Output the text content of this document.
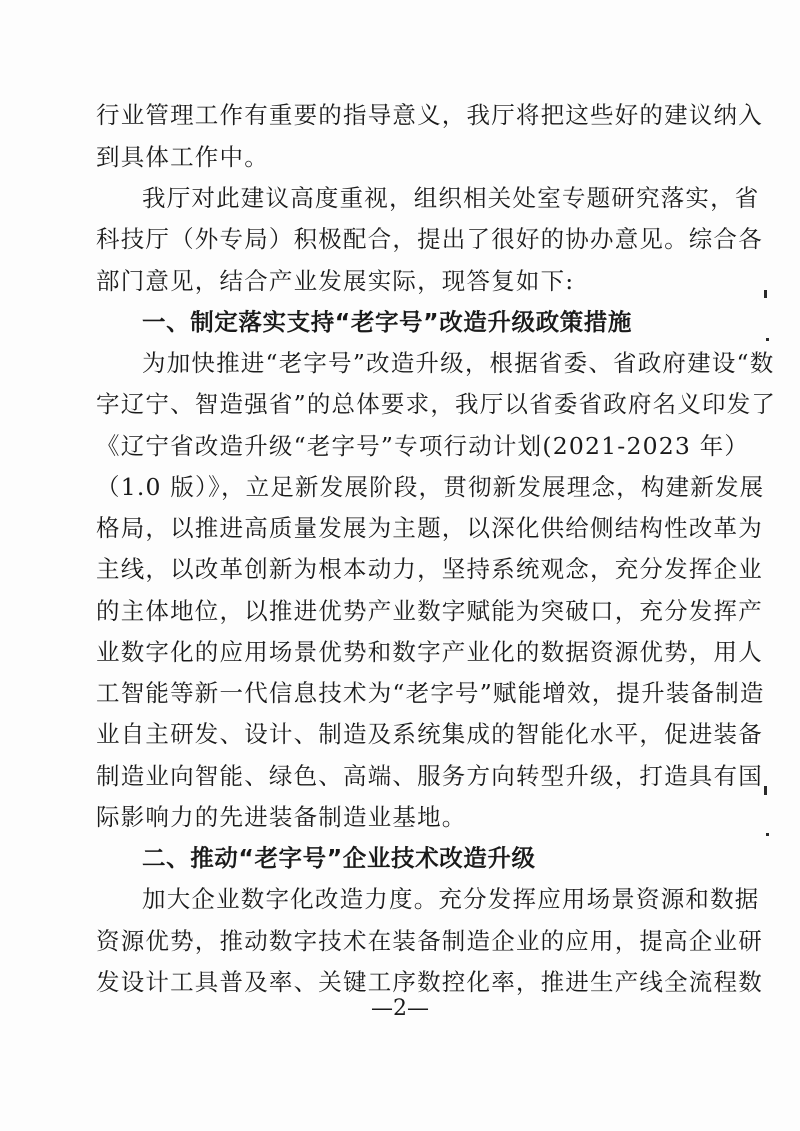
行业管理工作有重要的指导意义，我厅将把这些好的建议纳入
到具体工作中。
我厅对此建议高度重视，组织相关处室专题研究落实，省
科技厅（外专局）积极配合，提出了很好的协办意见。综合各
部门意见，结合产业发展实际，现答复如下:
一、制定落实支持“老字号”改造升级政策措施
为加快推进“老字号”改造升级，根据省委、省政府建设“数
字辽宁、智造强省”的总体要求，我厅以省委省政府名义印发了
《辽宁省改造升级“老字号”专项行动计划(2021-2023 年）
（1.0 版）》，立足新发展阶段，贯彻新发展理念，构建新发展
格局，以推进高质量发展为主题，以深化供给侧结构性改革为
主线，以改革创新为根本动力，坚持系统观念，充分发挥企业
的主体地位，以推进优势产业数字赋能为突破口，充分发挥产
业数字化的应用场景优势和数字产业化的数据资源优势，用人
工智能等新一代信息技术为“老字号”赋能增效，提升装备制造
业自主研发、设计、制造及系统集成的智能化水平，促进装备
制造业向智能、绿色、高端、服务方向转型升级，打造具有国
际影响力的先进装备制造业基地。
二、推动“老字号”企业技术改造升级
加大企业数字化改造力度。充分发挥应用场景资源和数据
资源优势，推动数字技术在装备制造企业的应用，提高企业研
发设计工具普及率、关键工序数控化率，推进生产线全流程数
—2—
